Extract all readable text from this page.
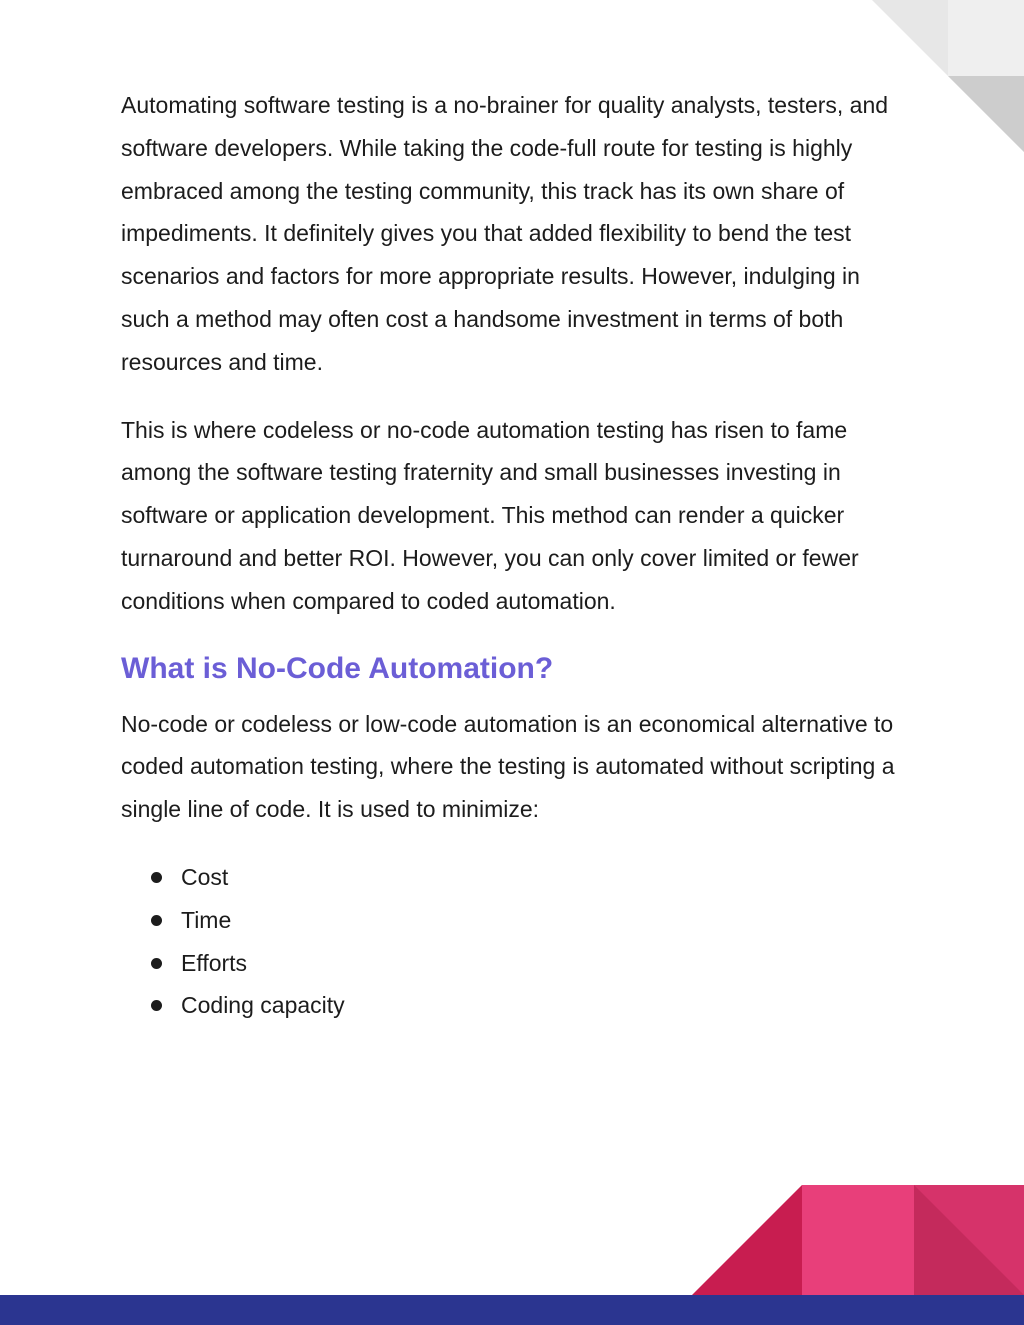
Automating software testing is a no-brainer for quality analysts, testers, and software developers. While taking the code-full route for testing is highly embraced among the testing community, this track has its own share of impediments. It definitely gives you that added flexibility to bend the test scenarios and factors for more appropriate results. However, indulging in such a method may often cost a handsome investment in terms of both resources and time.

This is where codeless or no-code automation testing has risen to fame among the software testing fraternity and small businesses investing in software or application development. This method can render a quicker turnaround and better ROI. However, you can only cover limited or fewer conditions when compared to coded automation.

What is No-Code Automation?

No-code or codeless or low-code automation is an economical alternative to coded automation testing, where the testing is automated without scripting a single line of code. It is used to minimize:

Cost
Time
Efforts
Coding capacity
